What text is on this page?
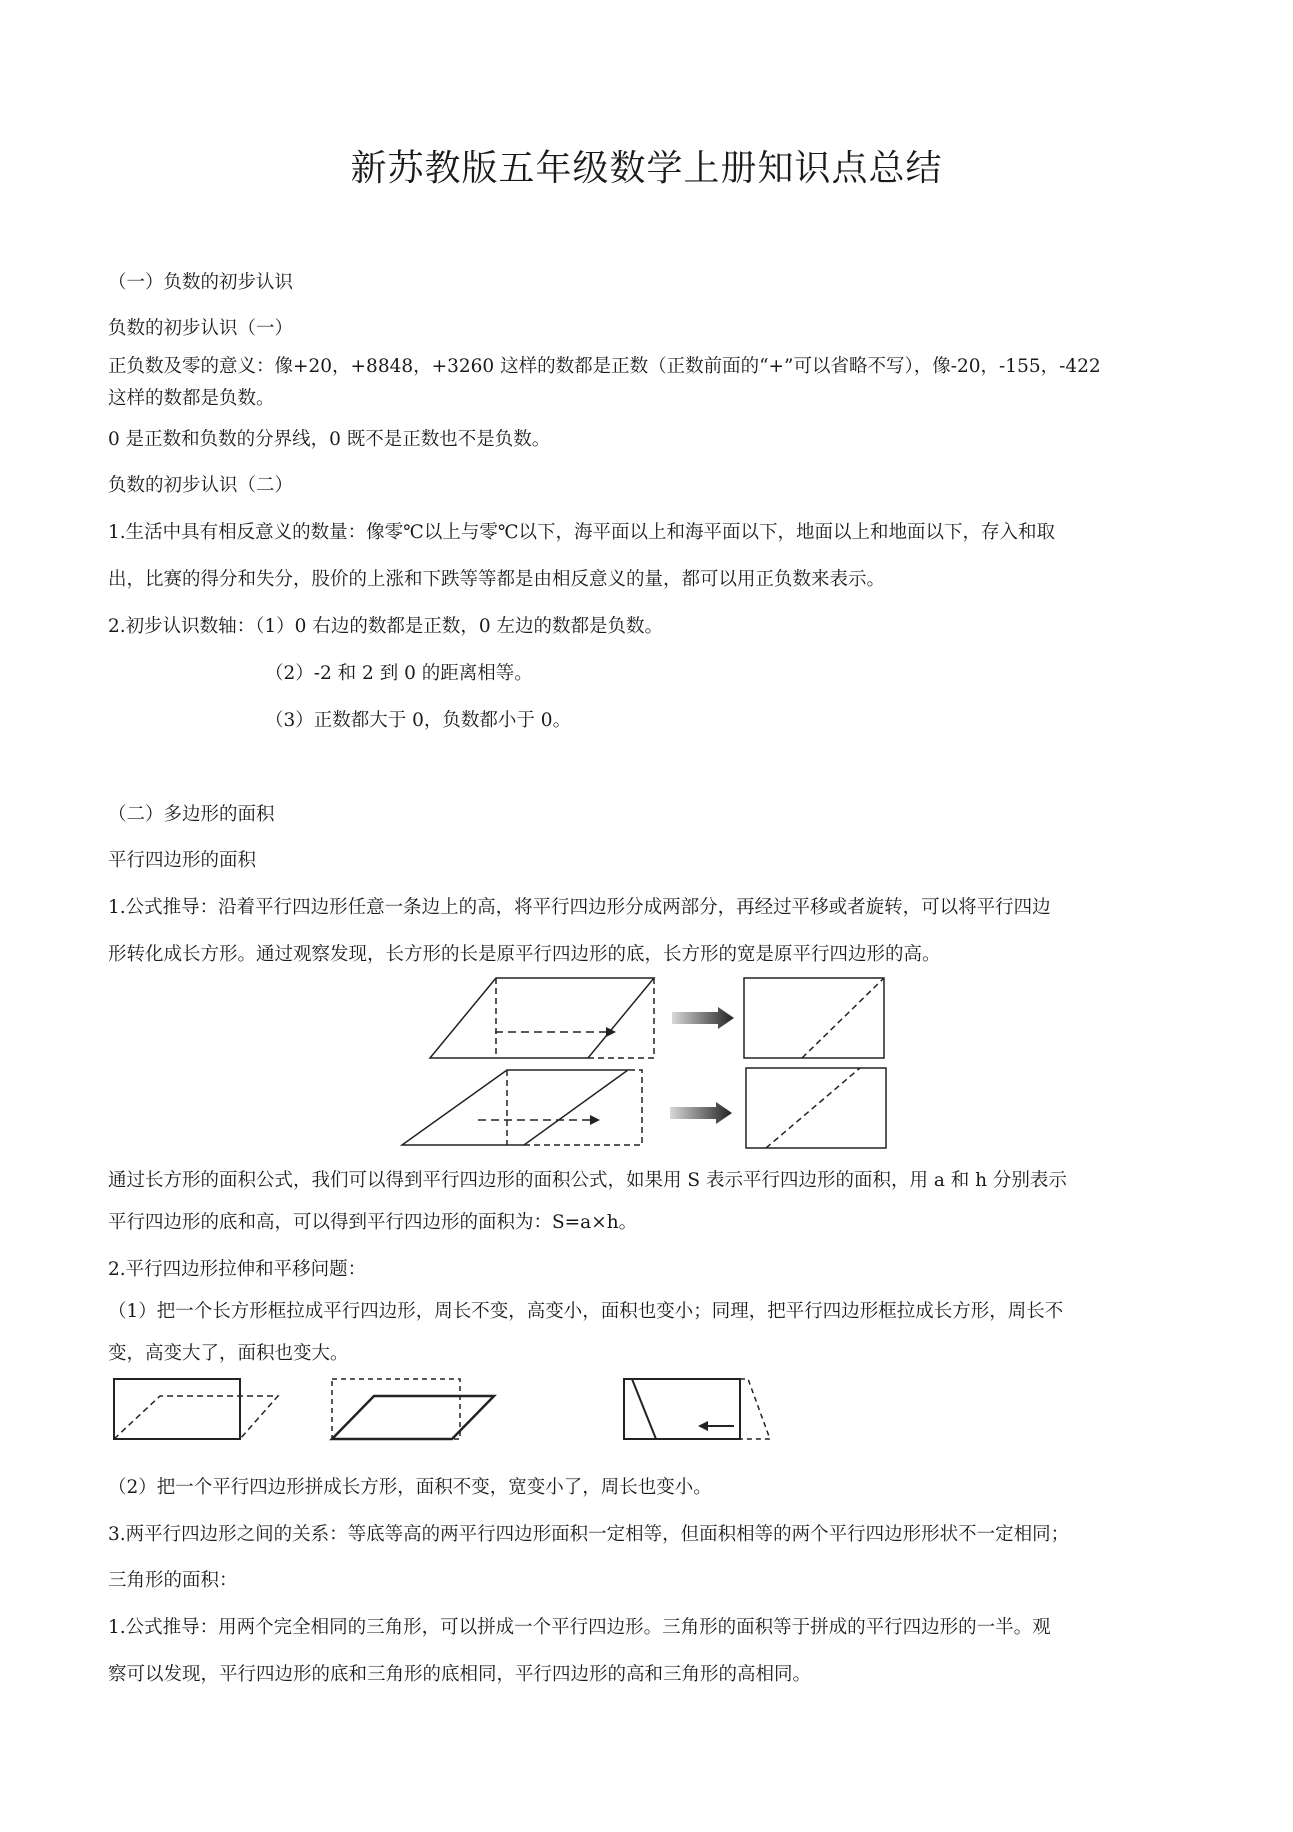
新苏教版五年级数学上册知识点总结
（一）负数的初步认识
负数的初步认识（一）
正负数及零的意义：像+20，+8848，+3260 这样的数都是正数（正数前面的“+”可以省略不写），像-20，-155，-422
这样的数都是负数。
0 是正数和负数的分界线，0 既不是正数也不是负数。
负数的初步认识（二）
1.生活中具有相反意义的数量：像零℃以上与零℃以下，海平面以上和海平面以下，地面以上和地面以下，存入和取
出，比赛的得分和失分，股价的上涨和下跌等等都是由相反意义的量，都可以用正负数来表示。
2.初步认识数轴：（1）0 右边的数都是正数，0 左边的数都是负数。
（2）-2 和 2 到 0 的距离相等。
（3）正数都大于 0，负数都小于 0。
（二）多边形的面积
平行四边形的面积
1.公式推导：沿着平行四边形任意一条边上的高，将平行四边形分成两部分，再经过平移或者旋转，可以将平行四边
形转化成长方形。通过观察发现，长方形的长是原平行四边形的底，长方形的宽是原平行四边形的高。
通过长方形的面积公式，我们可以得到平行四边形的面积公式，如果用 S 表示平行四边形的面积，用 a 和 h 分别表示
平行四边形的底和高，可以得到平行四边形的面积为：S=a×h。
2.平行四边形拉伸和平移问题：
（1）把一个长方形框拉成平行四边形，周长不变，高变小，面积也变小；同理，把平行四边形框拉成长方形，周长不
变，高变大了，面积也变大。
（2）把一个平行四边形拼成长方形，面积不变，宽变小了，周长也变小。
3.两平行四边形之间的关系：等底等高的两平行四边形面积一定相等，但面积相等的两个平行四边形形状不一定相同；
三角形的面积：
1.公式推导：用两个完全相同的三角形，可以拼成一个平行四边形。三角形的面积等于拼成的平行四边形的一半。观
察可以发现，平行四边形的底和三角形的底相同，平行四边形的高和三角形的高相同。
